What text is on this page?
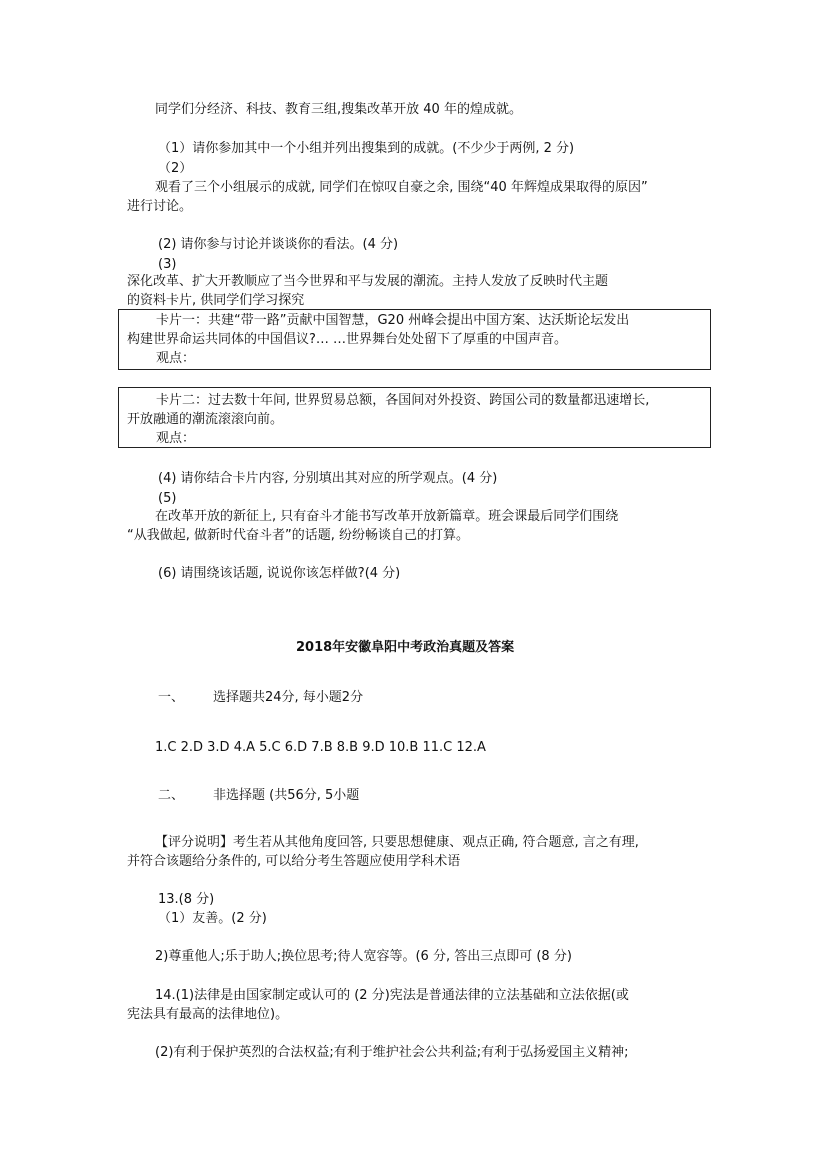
同学们分经济、科技、教育三组,搜集改革开放 40 年的煌成就。

（1）请你参加其中一个小组并列出搜集到的成就。(不少少于两例, 2 分)

（2）

观看了三个小组展示的成就, 同学们在惊叹自豪之余, 围绕“40 年辉煌成果取得的原因”

进行讨论。

(2) 请你参与讨论并谈谈你的看法。(4 分)

(3)

深化改革、扩大开教顺应了当今世界和平与发展的潮流。主持人发放了反映时代主题

的资料卡片, 供同学们学习探究

卡片一：共建“带一路”贡献中国智慧，G20 州峰会提出中国方案、达沃斯论坛发出

构建世界命运共同体的中国倡议?… …世界舞台处处留下了厚重的中国声音。

观点：

卡片二：过去数十年间, 世界贸易总额，各国间对外投资、跨国公司的数量都迅速增长,

开放融通的潮流滚滚向前。

观点：

(4) 请你结合卡片内容, 分别填出其对应的所学观点。(4 分)

(5)

在改革开放的新征上, 只有奋斗才能书写改革开放新篇章。班会课最后同学们围绕

“从我做起, 做新时代奋斗者”的话题, 纷纷畅谈自己的打算。

(6) 请围绕该话题, 说说你该怎样做?(4 分)

2018年安徽阜阳中考政治真题及答案

一、 选择题共24分, 每小题2分

1.C 2.D 3.D 4.A 5.C 6.D 7.B 8.B 9.D 10.B 11.C 12.A

二、 非选择题 (共56分, 5小题

【评分说明】考生若从其他角度回答, 只要思想健康、观点正确, 符合题意, 言之有理,

并符合该题给分条件的, 可以给分考生答题应使用学科术语

13.(8 分)

（1）友善。(2 分)

2)尊重他人;乐于助人;换位思考;待人宽容等。(6 分, 答出三点即可 (8 分)

14.(1)法律是由国家制定或认可的 (2 分)宪法是普通法律的立法基础和立法依据(或

宪法具有最高的法律地位)。

(2)有利于保护英烈的合法权益;有利于维护社会公共利益;有利于弘扬爱国主义精神;
